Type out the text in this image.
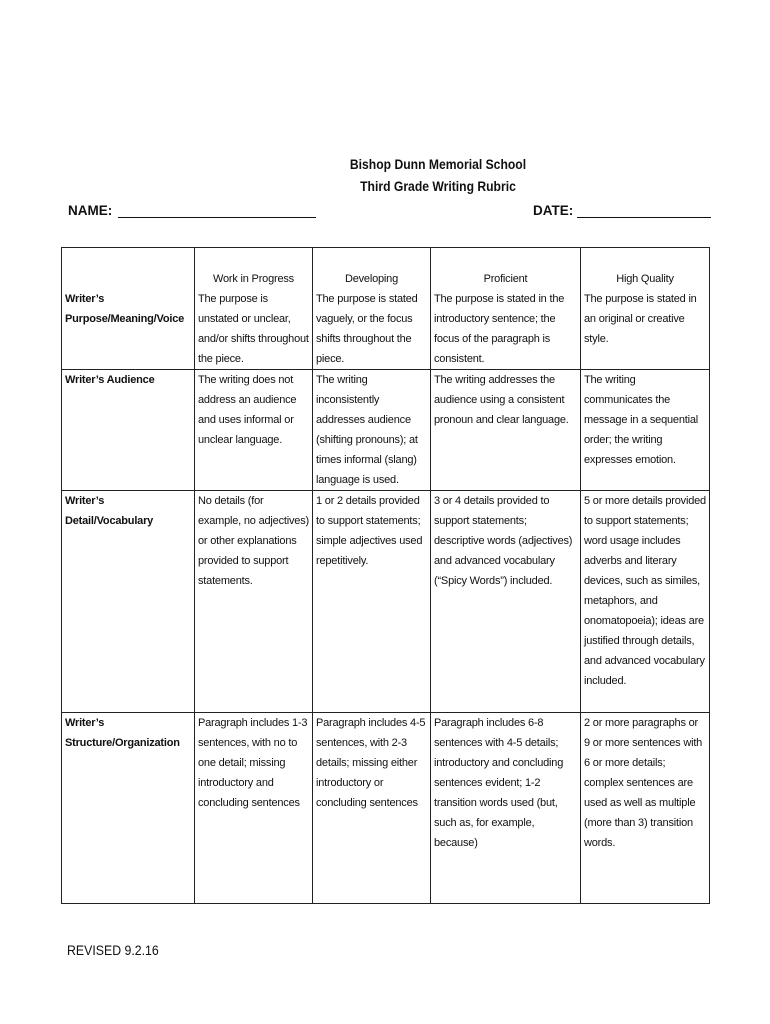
Bishop Dunn Memorial School
Third Grade Writing Rubric
NAME:	DATE:
	Work in Progress	Developing	Proficient	High Quality
Writer’s Purpose/Meaning/Voice	The purpose is unstated or unclear, and/or shifts throughout the piece.	The purpose is stated vaguely, or the focus shifts throughout the piece.	The purpose is stated in the introductory sentence; the focus of the paragraph is consistent.	The purpose is stated in an original or creative style.
Writer’s Audience	The writing does not address an audience and uses informal or unclear language.	The writing inconsistently addresses audience (shifting pronouns); at times informal (slang) language is used.	The writing addresses the audience using a consistent pronoun and clear language.	The writing communicates the message in a sequential order; the writing expresses emotion.
Writer’s Detail/Vocabulary	No details (for example, no adjectives) or other explanations provided to support statements.	1 or 2 details provided to support statements; simple adjectives used repetitively.	3 or 4 details provided to support statements; descriptive words (adjectives) and advanced vocabulary (“Spicy Words”) included.	5 or more details provided to support statements; word usage includes adverbs and literary devices, such as similes, metaphors, and onomatopoeia); ideas are justified through details, and advanced vocabulary included.
Writer’s Structure/Organization	Paragraph includes 1-3 sentences, with no to one detail; missing introductory and concluding sentences	Paragraph includes 4-5 sentences, with 2-3 details; missing either introductory or concluding sentences	Paragraph includes 6-8 sentences with 4-5 details; introductory and concluding sentences evident; 1-2 transition words used (but, such as, for example, because)	2 or more paragraphs or 9 or more sentences with 6 or more details; complex sentences are used as well as multiple (more than 3) transition words.
REVISED 9.2.16
